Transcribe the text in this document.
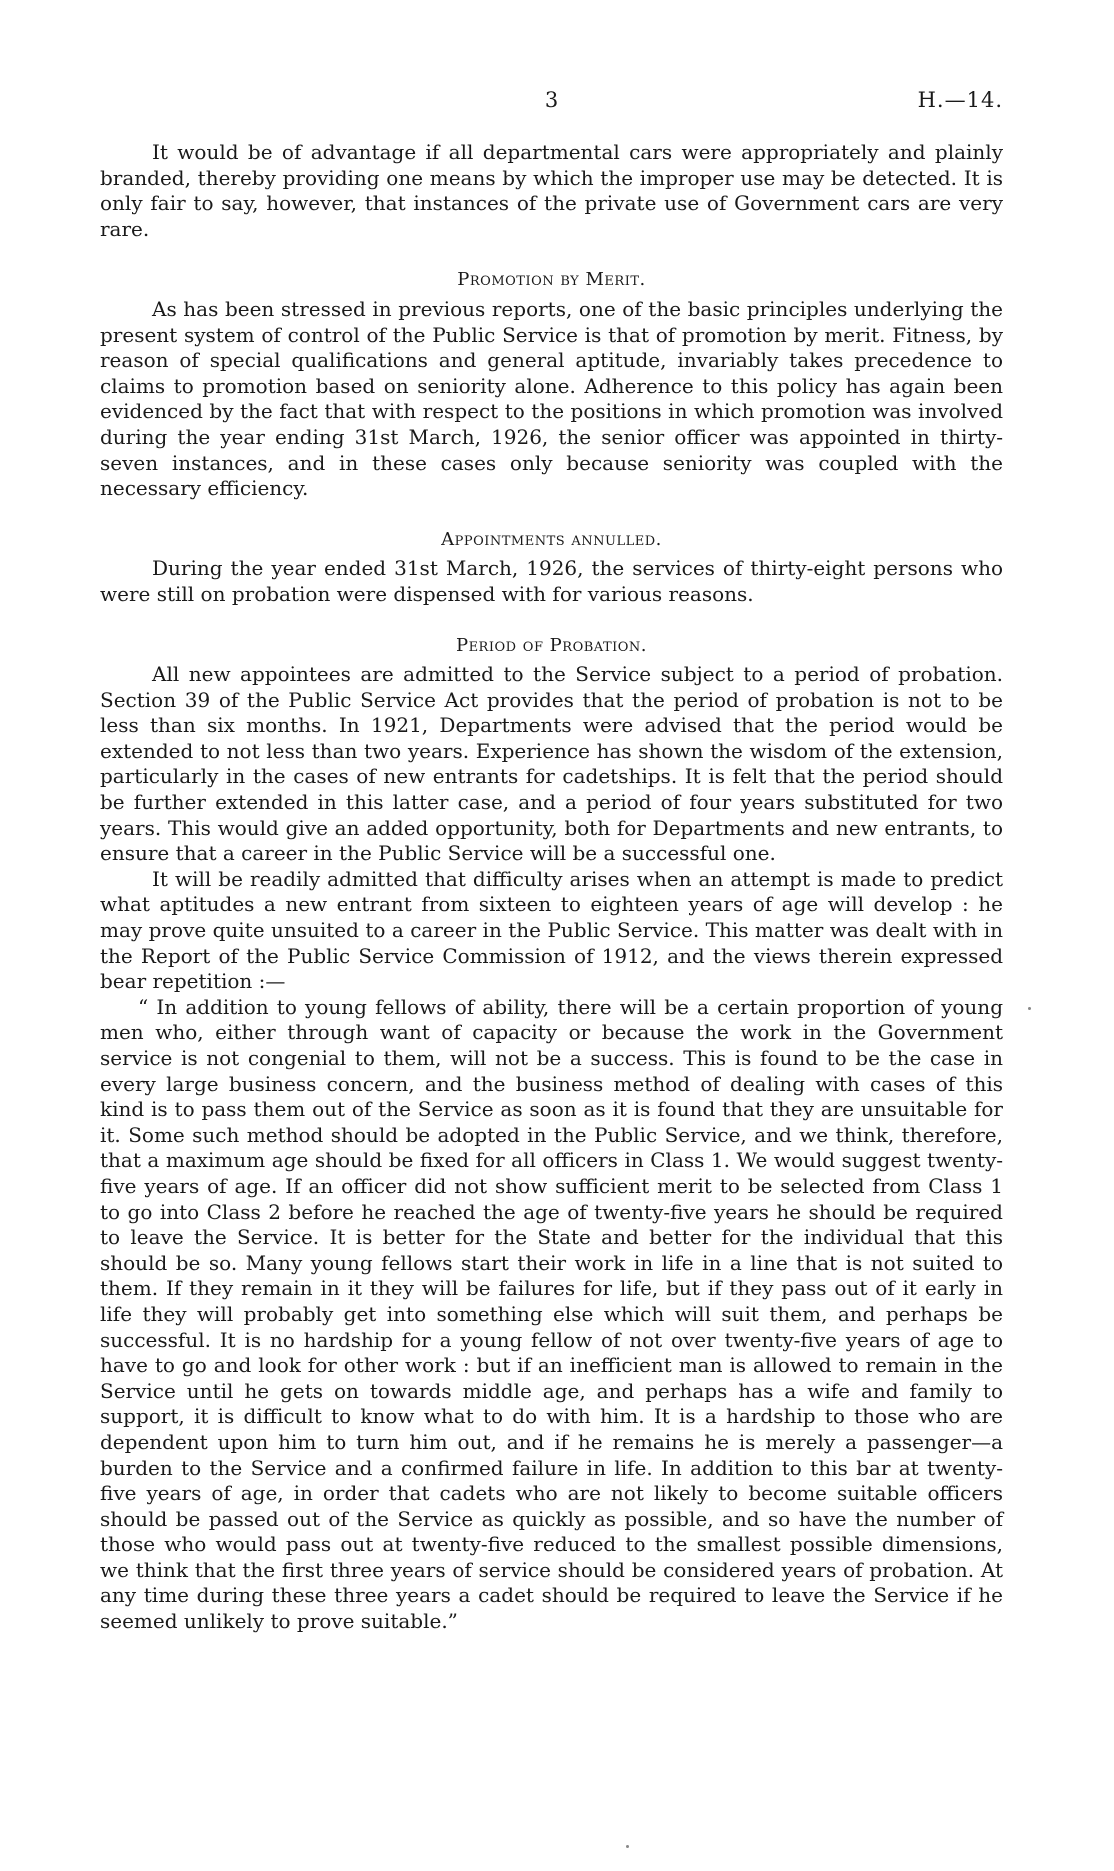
3	H.—14.

It would be of advantage if all departmental cars were appropriately and plainly branded, thereby providing one means by which the improper use may be detected. It is only fair to say, however, that instances of the private use of Government cars are very rare.

Promotion by Merit.

As has been stressed in previous reports, one of the basic principles underlying the present system of control of the Public Service is that of promotion by merit. Fitness, by reason of special qualifications and general aptitude, invariably takes precedence to claims to promotion based on seniority alone. Adherence to this policy has again been evidenced by the fact that with respect to the positions in which promotion was involved during the year ending 31st March, 1926, the senior officer was appointed in thirty-seven instances, and in these cases only because seniority was coupled with the necessary efficiency.

Appointments annulled.

During the year ended 31st March, 1926, the services of thirty-eight persons who were still on probation were dispensed with for various reasons.

Period of Probation.

All new appointees are admitted to the Service subject to a period of probation. Section 39 of the Public Service Act provides that the period of probation is not to be less than six months. In 1921, Departments were advised that the period would be extended to not less than two years. Experience has shown the wisdom of the extension, particularly in the cases of new entrants for cadetships. It is felt that the period should be further extended in this latter case, and a period of four years substituted for two years. This would give an added opportunity, both for Departments and new entrants, to ensure that a career in the Public Service will be a successful one.

It will be readily admitted that difficulty arises when an attempt is made to predict what aptitudes a new entrant from sixteen to eighteen years of age will develop : he may prove quite unsuited to a career in the Public Service. This matter was dealt with in the Report of the Public Service Commission of 1912, and the views therein expressed bear repetition :—

“ In addition to young fellows of ability, there will be a certain proportion of young men who, either through want of capacity or because the work in the Government service is not congenial to them, will not be a success. This is found to be the case in every large business concern, and the business method of dealing with cases of this kind is to pass them out of the Service as soon as it is found that they are unsuitable for it. Some such method should be adopted in the Public Service, and we think, therefore, that a maximum age should be fixed for all officers in Class 1. We would suggest twenty-five years of age. If an officer did not show sufficient merit to be selected from Class 1 to go into Class 2 before he reached the age of twenty-five years he should be required to leave the Service. It is better for the State and better for the individual that this should be so. Many young fellows start their work in life in a line that is not suited to them. If they remain in it they will be failures for life, but if they pass out of it early in life they will probably get into something else which will suit them, and perhaps be successful. It is no hardship for a young fellow of not over twenty-five years of age to have to go and look for other work : but if an inefficient man is allowed to remain in the Service until he gets on towards middle age, and perhaps has a wife and family to support, it is difficult to know what to do with him. It is a hardship to those who are dependent upon him to turn him out, and if he remains he is merely a passenger—a burden to the Service and a confirmed failure in life. In addition to this bar at twenty-five years of age, in order that cadets who are not likely to become suitable officers should be passed out of the Service as quickly as possible, and so have the number of those who would pass out at twenty-five reduced to the smallest possible dimensions, we think that the first three years of service should be considered years of probation. At any time during these three years a cadet should be required to leave the Service if he seemed unlikely to prove suitable.”
